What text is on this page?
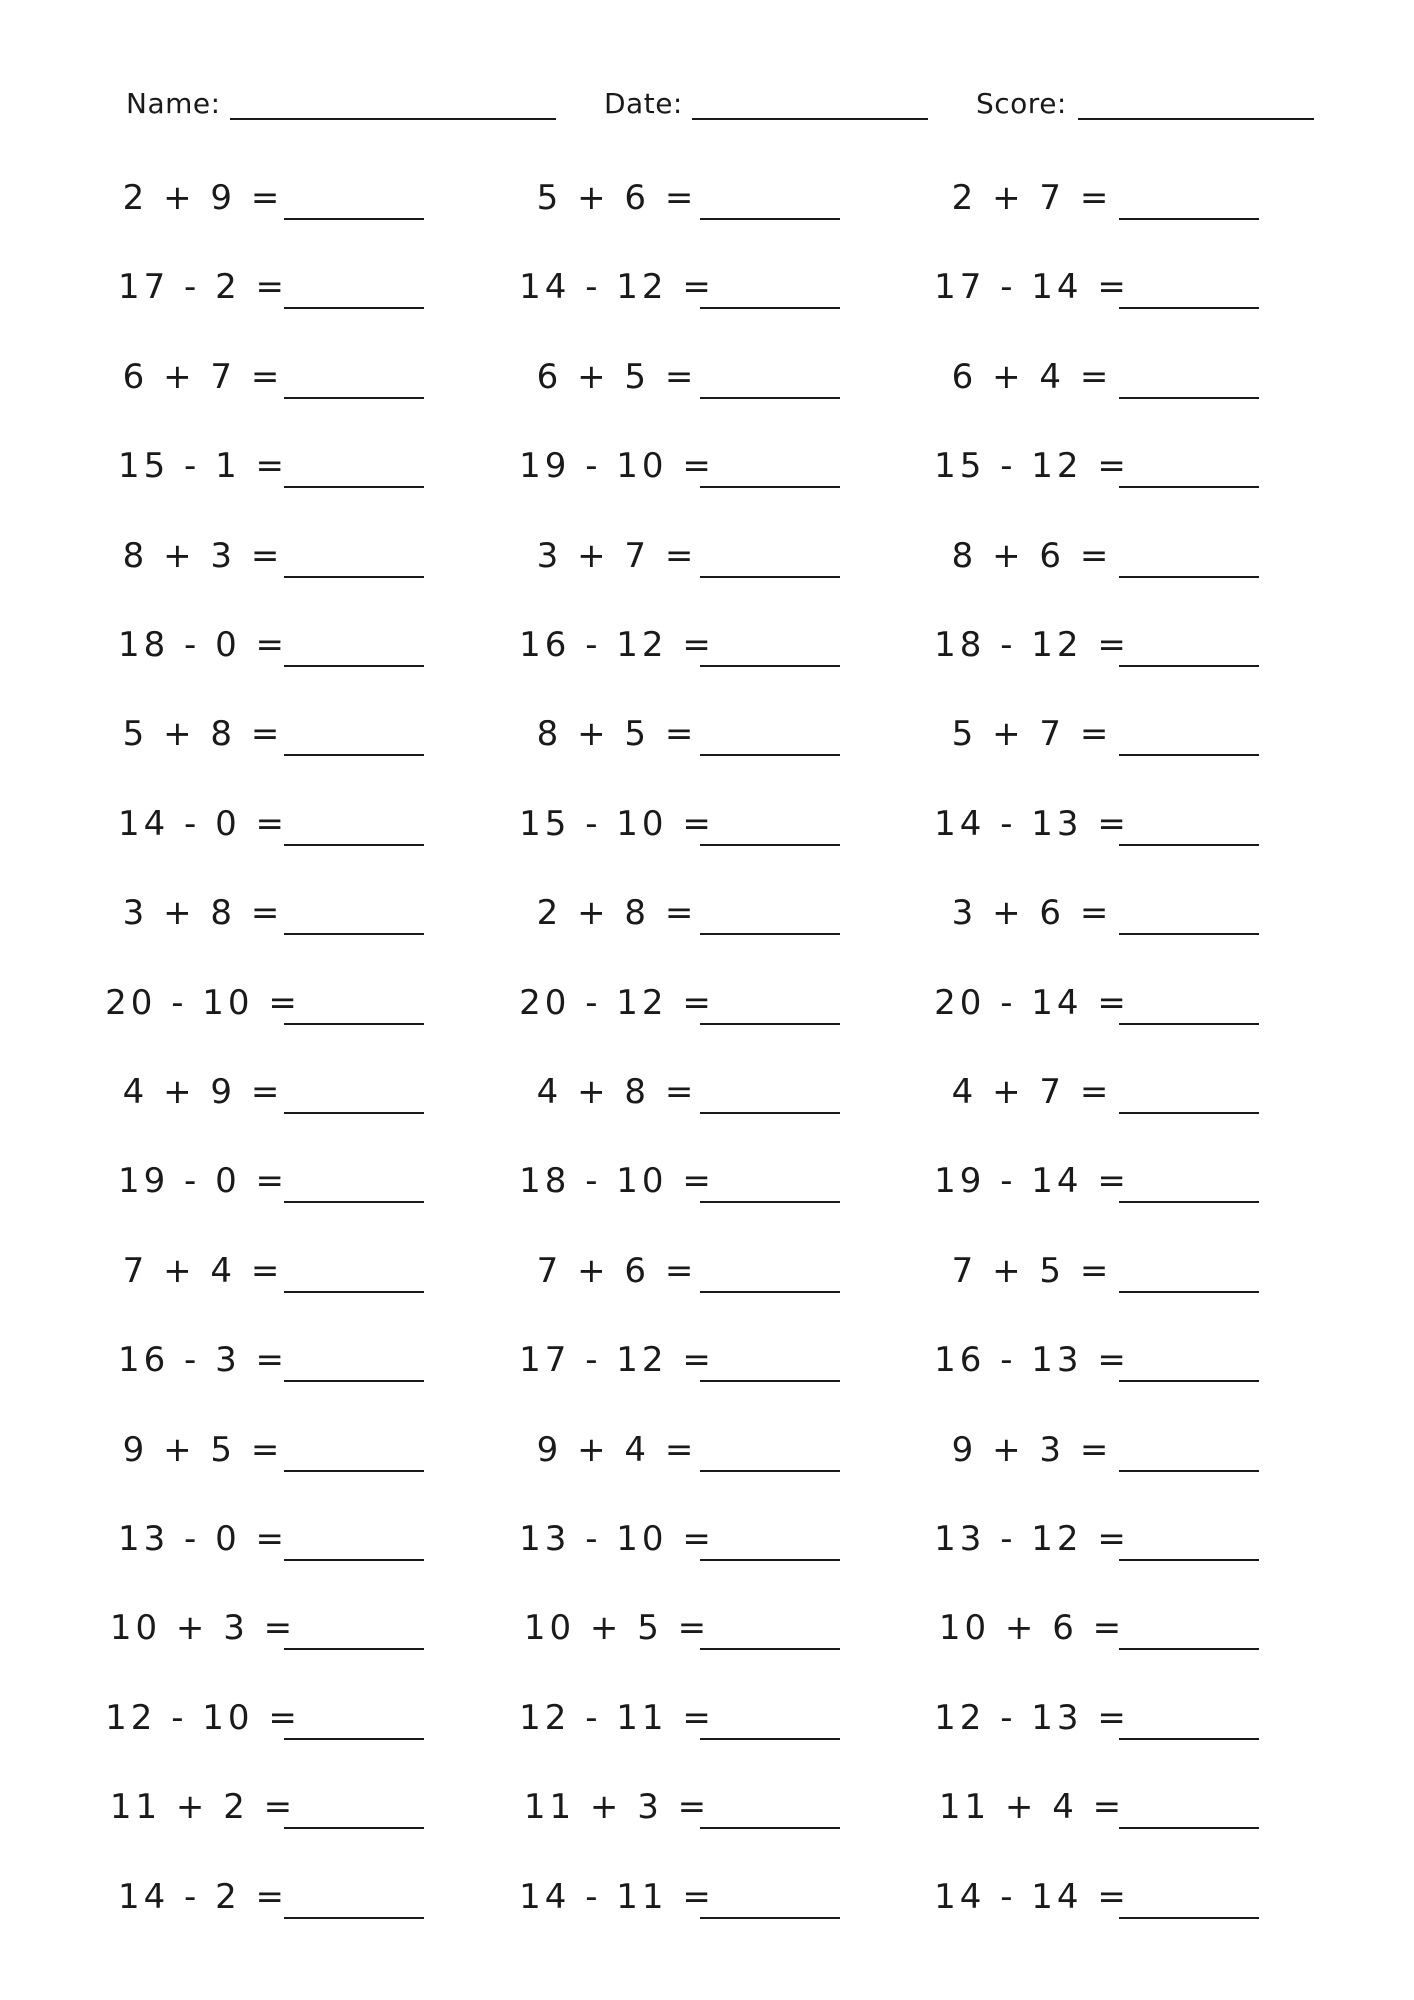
Name:	Date:	Score:
2 + 9 =	5 + 6 =	2 + 7 =
17 - 2 =	14 - 12 =	17 - 14 =
6 + 7 =	6 + 5 =	6 + 4 =
15 - 1 =	19 - 10 =	15 - 12 =
8 + 3 =	3 + 7 =	8 + 6 =
18 - 0 =	16 - 12 =	18 - 12 =
5 + 8 =	8 + 5 =	5 + 7 =
14 - 0 =	15 - 10 =	14 - 13 =
3 + 8 =	2 + 8 =	3 + 6 =
20 - 10 =	20 - 12 =	20 - 14 =
4 + 9 =	4 + 8 =	4 + 7 =
19 - 0 =	18 - 10 =	19 - 14 =
7 + 4 =	7 + 6 =	7 + 5 =
16 - 3 =	17 - 12 =	16 - 13 =
9 + 5 =	9 + 4 =	9 + 3 =
13 - 0 =	13 - 10 =	13 - 12 =
10 + 3 =	10 + 5 =	10 + 6 =
12 - 10 =	12 - 11 =	12 - 13 =
11 + 2 =	11 + 3 =	11 + 4 =
14 - 2 =	14 - 11 =	14 - 14 =
